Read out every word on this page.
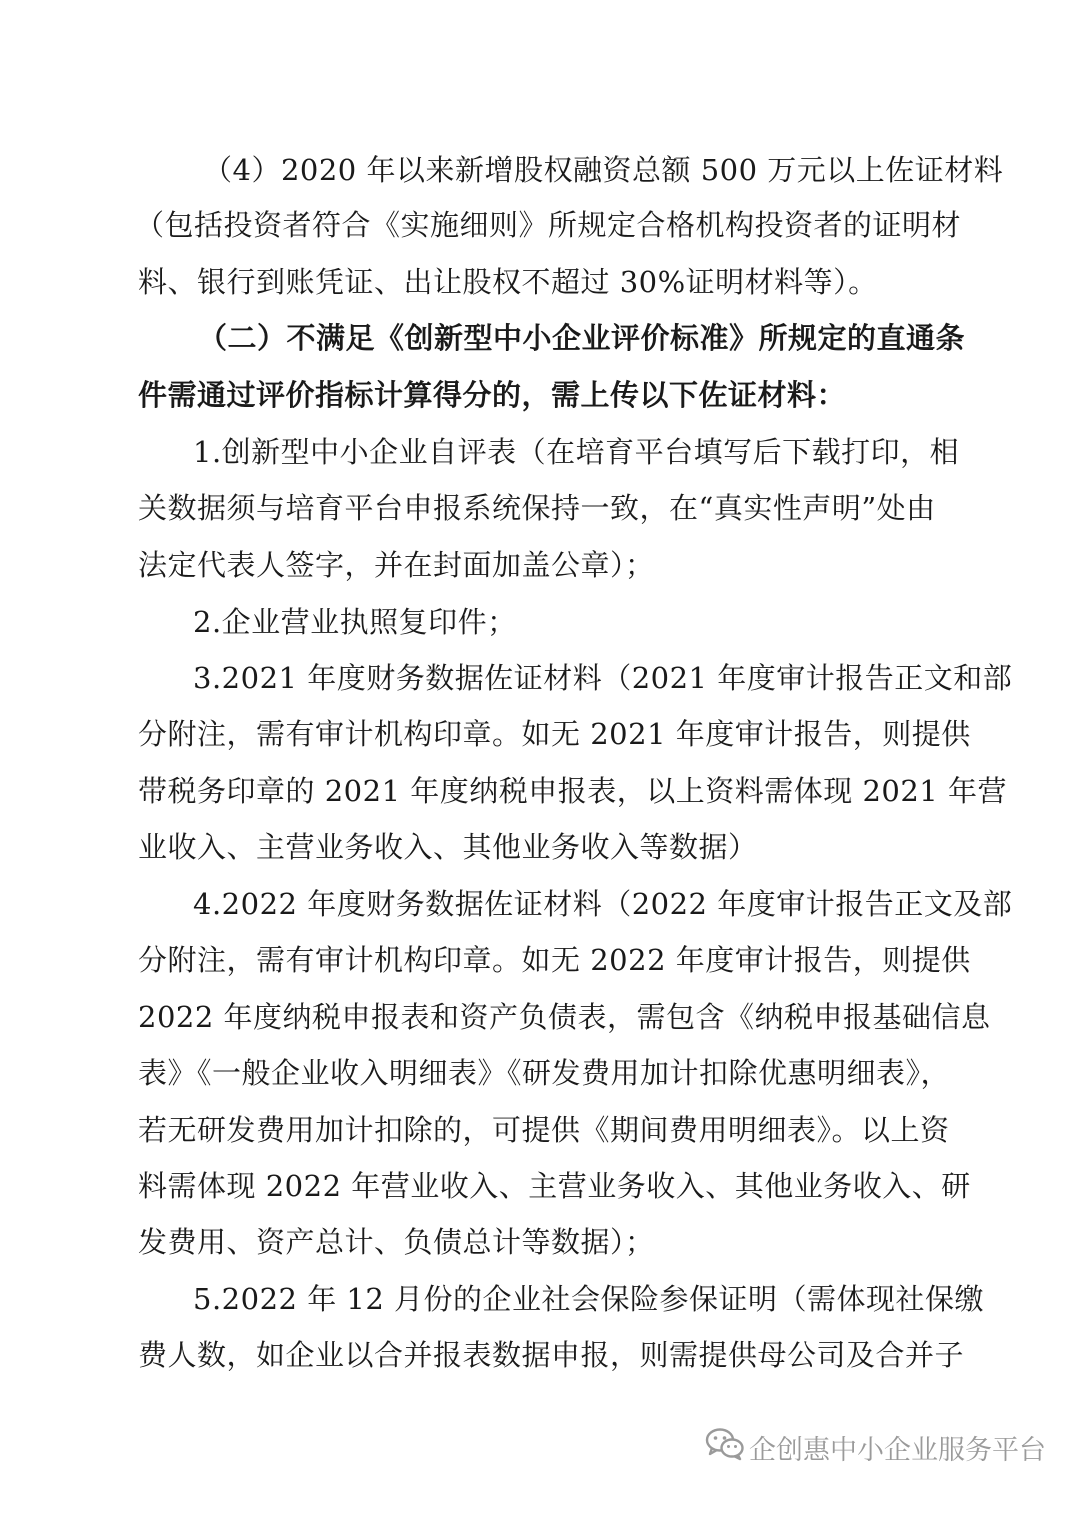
（4）2020 年以来新增股权融资总额 500 万元以上佐证材料
（包括投资者符合《实施细则》所规定合格机构投资者的证明材
料、银行到账凭证、出让股权不超过 30%证明材料等）。
（二）不满足《创新型中小企业评价标准》所规定的直通条
件需通过评价指标计算得分的，需上传以下佐证材料：
1.创新型中小企业自评表（在培育平台填写后下载打印，相
关数据须与培育平台申报系统保持一致，在“真实性声明”处由
法定代表人签字，并在封面加盖公章）；
2.企业营业执照复印件；
3.2021 年度财务数据佐证材料（2021 年度审计报告正文和部
分附注，需有审计机构印章。如无 2021 年度审计报告，则提供
带税务印章的 2021 年度纳税申报表，以上资料需体现 2021 年营
业收入、主营业务收入、其他业务收入等数据）
4.2022 年度财务数据佐证材料（2022 年度审计报告正文及部
分附注，需有审计机构印章。如无 2022 年度审计报告，则提供
2022 年度纳税申报表和资产负债表，需包含《纳税申报基础信息
表》《一般企业收入明细表》《研发费用加计扣除优惠明细表》，
若无研发费用加计扣除的，可提供《期间费用明细表》。以上资
料需体现 2022 年营业收入、主营业务收入、其他业务收入、研
发费用、资产总计、负债总计等数据）；
5.2022 年 12 月份的企业社会保险参保证明（需体现社保缴
费人数，如企业以合并报表数据申报，则需提供母公司及合并子
企创惠中小企业服务平台
